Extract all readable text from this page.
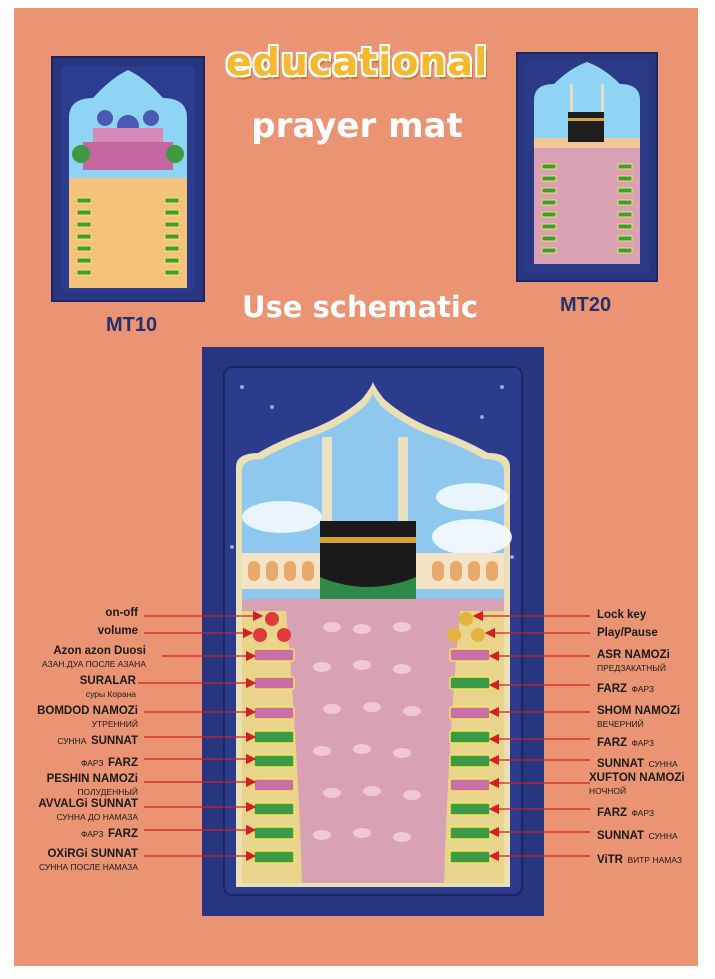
educational
prayer mat
Use schematic
MT10
MT20
on-off
volume
Azon azon Duosi
АЗАН.ДУА ПОСЛЕ АЗАНА
SURALAR
суры Корана
BOMDOD NAMOZi
УТРЕННИЙ
СУННА SUNNAT
ФАРЗ FARZ
PESHIN NAMOZi
ПОЛУДЕННЫЙ
AVVALGi SUNNAT
СУННА ДО НАМАЗА
ФАРЗ FARZ
OXiRGi SUNNAT
СУННА ПОСЛЕ НАМАЗА
Lock key
Play/Pause
ASR NAMOZi
ПРЕДЗАКАТНЫЙ
FARZ ФАРЗ
SHOM NAMOZi
ВЕЧЕРНИЙ
FARZ ФАРЗ
SUNNAT СУННА
XUFTON NAMOZi
НОЧНОЙ
FARZ ФАРЗ
SUNNAT СУННА
ViTR ВИТР НАМАЗ
